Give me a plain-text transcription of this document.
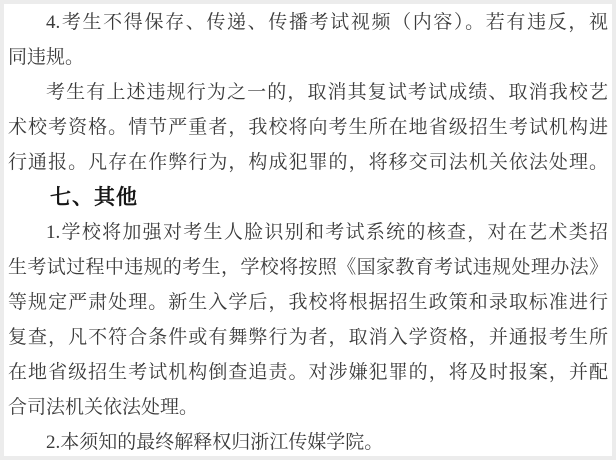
4.考生不得保存、传递、传播考试视频（内容）。若有违反，视
同违规。
考生有上述违规行为之一的，取消其复试考试成绩、取消我校艺
术校考资格。情节严重者，我校将向考生所在地省级招生考试机构进
行通报。凡存在作弊行为，构成犯罪的，将移交司法机关依法处理。
七、其他
1.学校将加强对考生人脸识别和考试系统的核查，对在艺术类招
生考试过程中违规的考生，学校将按照《国家教育考试违规处理办法》
等规定严肃处理。新生入学后，我校将根据招生政策和录取标准进行
复查，凡不符合条件或有舞弊行为者，取消入学资格，并通报考生所
在地省级招生考试机构倒查追责。对涉嫌犯罪的，将及时报案，并配
合司法机关依法处理。
2.本须知的最终解释权归浙江传媒学院。
